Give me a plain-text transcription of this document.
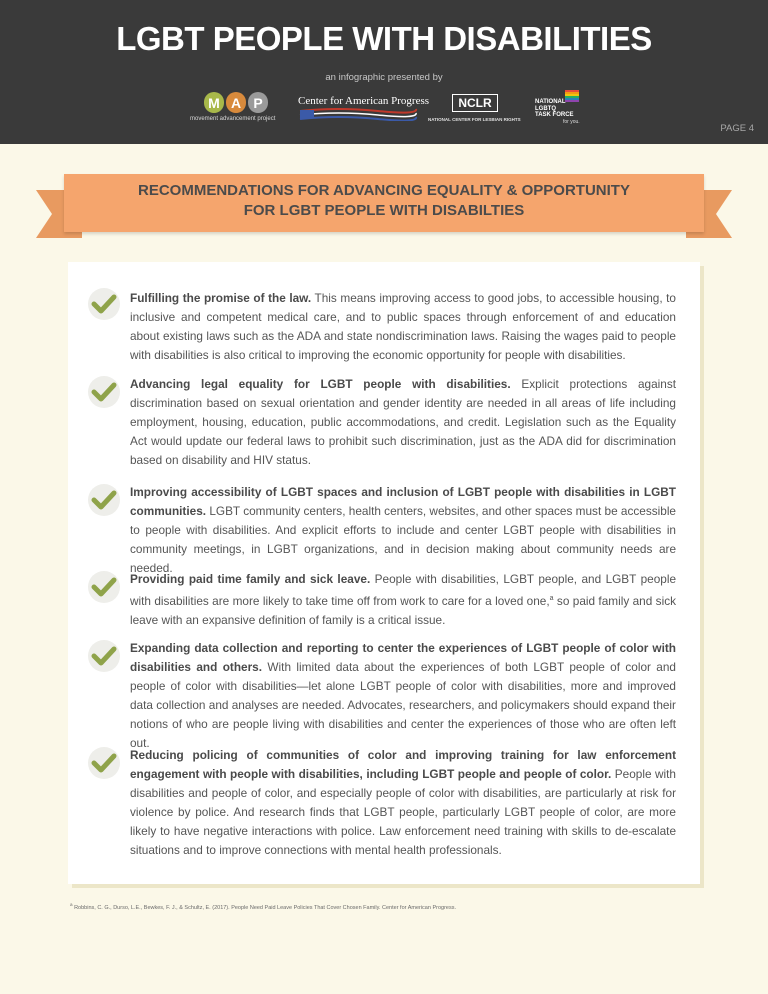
LGBT PEOPLE WITH DISABILITIES
an infographic presented by
M A P
movement advancement project
Center for American Progress	NCLR
NATIONAL CENTER FOR LESBIAN RIGHTS
NATIONAL
LGBTQ
TASK FORCE
for you.
PAGE 4
RECOMMENDATIONS FOR ADVANCING EQUALITY & OPPORTUNITY
FOR LGBT PEOPLE WITH DISABILTIES

Fulfilling the promise of the law. This means improving access to good jobs, to accessible housing, to inclusive and competent medical care, and to public spaces through enforcement of and education about existing laws such as the ADA and state nondiscrimination laws. Raising the wages paid to people with disabilities is also critical to improving the economic opportunity for people with disabilities.

Advancing legal equality for LGBT people with disabilities. Explicit protections against discrimination based on sexual orientation and gender identity are needed in all areas of life including employment, housing, education, public accommodations, and credit. Legislation such as the Equality Act would update our federal laws to prohibit such discrimination, just as the ADA did for discrimination based on disability and HIV status.

Improving accessibility of LGBT spaces and inclusion of LGBT people with disabilities in LGBT communities. LGBT community centers, health centers, websites, and other spaces must be accessible to people with disabilities. And explicit efforts to include and center LGBT people with disabilities in community meetings, in LGBT organizations, and in decision making about community needs are needed.

Providing paid time family and sick leave. People with disabilities, LGBT people, and LGBT people with disabilities are more likely to take time off from work to care for a loved one,$^a$ so paid family and sick leave with an expansive definition of family is a critical issue.

Expanding data collection and reporting to center the experiences of LGBT people of color with disabilities and others. With limited data about the experiences of both LGBT people of color and people of color with disabilities—let alone LGBT people of color with disabilities, more and improved data collection and analyses are needed. Advocates, researchers, and policymakers should expand their notions of who are people living with disabilities and center the experiences of those who are often left out.

Reducing policing of communities of color and improving training for law enforcement engagement with people with disabilities, including LGBT people and people of color. People with disabilities and people of color, and especially people of color with disabilities, are particularly at risk for violence by police. And research finds that LGBT people, particularly LGBT people of color, are more likely to have negative interactions with police. Law enforcement need training with skills to de-escalate situations and to improve connections with mental health professionals.

$^a$ Robbins, C. G., Durso, L.E., Bewkes, F. J., & Schultz, E. (2017). People Need Paid Leave Policies That Cover Chosen Family. Center for American Progress.
